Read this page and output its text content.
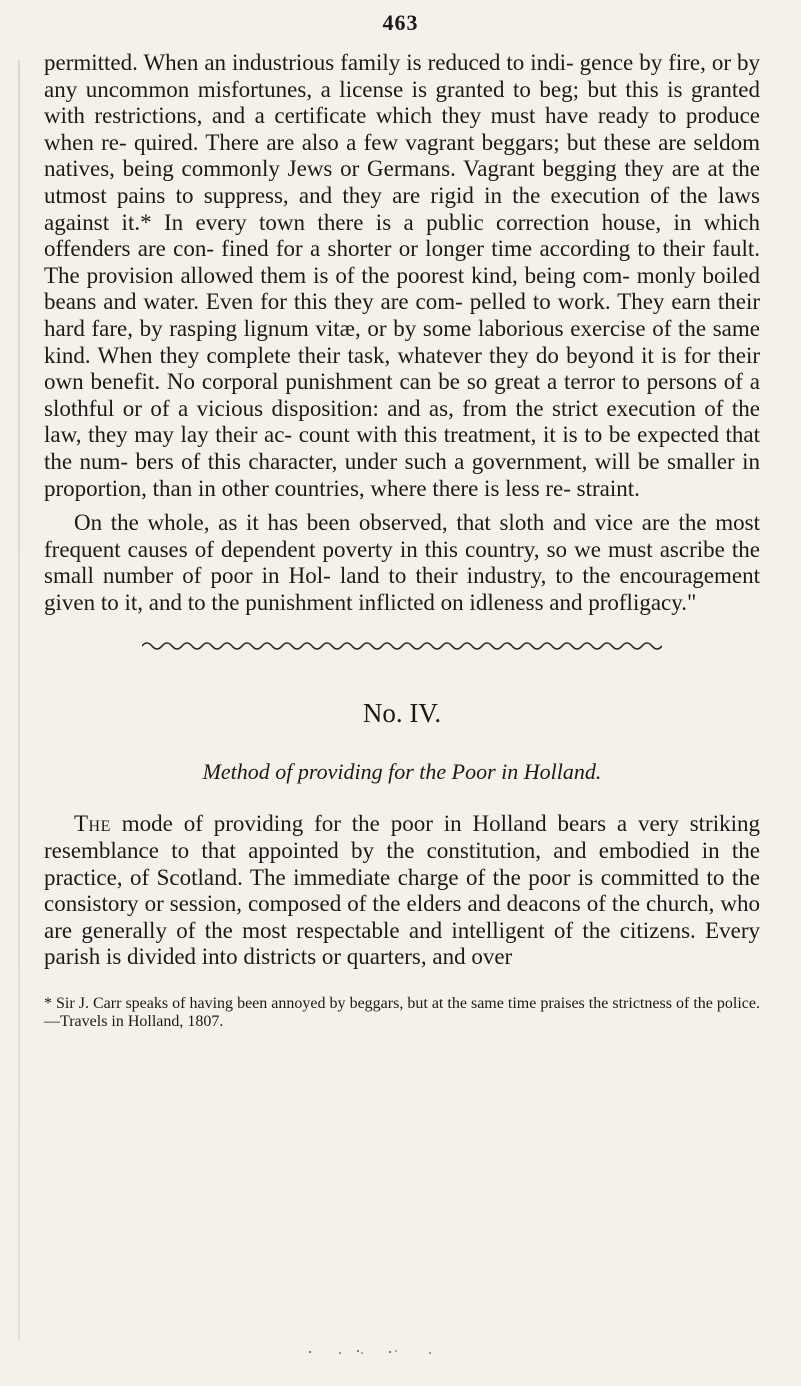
463

permitted. When an industrious family is reduced to indi- gence by fire, or by any uncommon misfortunes, a license is granted to beg; but this is granted with restrictions, and a certificate which they must have ready to produce when re- quired. There are also a few vagrant beggars; but these are seldom natives, being commonly Jews or Germans. Vagrant begging they are at the utmost pains to suppress, and they are rigid in the execution of the laws against it.* In every town there is a public correction house, in which offenders are con- fined for a shorter or longer time according to their fault. The provision allowed them is of the poorest kind, being com- monly boiled beans and water. Even for this they are com- pelled to work. They earn their hard fare, by rasping lignum vitæ, or by some laborious exercise of the same kind. When they complete their task, whatever they do beyond it is for their own benefit. No corporal punishment can be so great a terror to persons of a slothful or of a vicious disposition: and as, from the strict execution of the law, they may lay their ac- count with this treatment, it is to be expected that the num- bers of this character, under such a government, will be smaller in proportion, than in other countries, where there is less re- straint.

On the whole, as it has been observed, that sloth and vice are the most frequent causes of dependent poverty in this country, so we must ascribe the small number of poor in Hol- land to their industry, to the encouragement given to it, and to the punishment inflicted on idleness and profligacy."

No. IV.
Method of providing for the Poor in Holland.

The mode of providing for the poor in Holland bears a very striking resemblance to that appointed by the constitution, and embodied in the practice, of Scotland. The immediate charge of the poor is committed to the consistory or session, composed of the elders and deacons of the church, who are generally of the most respectable and intelligent of the citizens. Every parish is divided into districts or quarters, and over

* Sir J. Carr speaks of having been annoyed by beggars, but at the same time praises the strictness of the police.—Travels in Holland, 1807.
